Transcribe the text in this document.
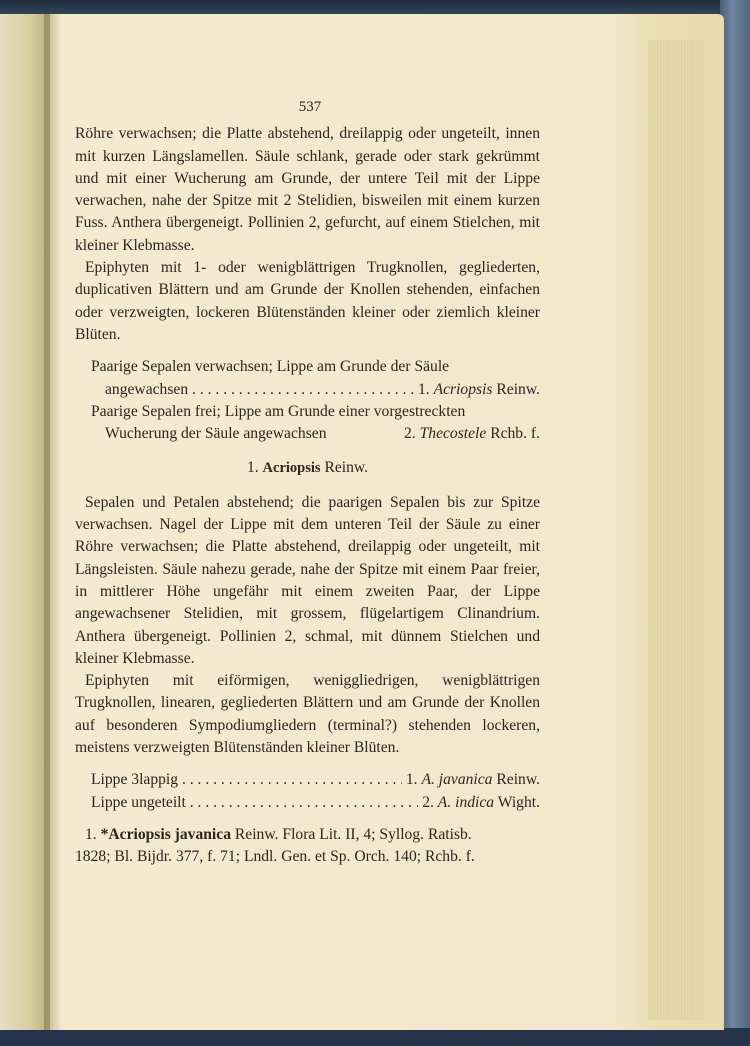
537

Röhre verwachsen; die Platte abstehend, dreilappig oder ungeteilt, innen mit kurzen Längslamellen. Säule schlank, gerade oder stark gekrümmt und mit einer Wucherung am Grunde, der untere Teil mit der Lippe verwachen, nahe der Spitze mit 2 Stelidien, bisweilen mit einem kurzen Fuss. Anthera übergeneigt. Pollinien 2, gefurcht, auf einem Stielchen, mit kleiner Klebmasse.

Epiphyten mit 1- oder wenigblättrigen Trugknollen, gegliederten, duplicativen Blättern und am Grunde der Knollen stehenden, einfachen oder verzweigten, lockeren Blütenständen kleiner oder ziemlich kleiner Blüten.

Paarige Sepalen verwachsen; Lippe am Grunde der Säule
angewachsen . . .	1. Acriopsis Reinw.
Paarige Sepalen frei; Lippe am Grunde einer vorgestreckten
Wucherung der Säule angewachsen	2. Thecostele Rchb. f.
1. Acriopsis Reinw.

Sepalen und Petalen abstehend; die paarigen Sepalen bis zur Spitze verwachsen. Nagel der Lippe mit dem unteren Teil der Säule zu einer Röhre verwachsen; die Platte abstehend, dreilappig oder ungeteilt, mit Längsleisten. Säule nahezu gerade, nahe der Spitze mit einem Paar freier, in mittlerer Höhe ungefähr mit einem zweiten Paar, der Lippe angewachsener Stelidien, mit grossem, flügelartigem Clinandrium. Anthera übergeneigt. Pollinien 2, schmal, mit dünnem Stielchen und kleiner Klebmasse.

Epiphyten mit eiförmigen, weniggliedrigen, wenigblättrigen Trugknollen, linearen, gegliederten Blättern und am Grunde der Knollen auf besonderen Sympodiumgliedern (terminal?) stehenden lockeren, meistens verzweigten Blütenständen kleiner Blüten.

Lippe 3lappig . . .	1. A. javanica Reinw.
Lippe ungeteilt . . .	2. A. indica Wight.

1. *Acriopsis javanica Reinw. Flora Lit. II, 4; Syllog. Ratisb.

1828; Bl. Bijdr. 377, f. 71; Lndl. Gen. et Sp. Orch. 140; Rchb. f.
